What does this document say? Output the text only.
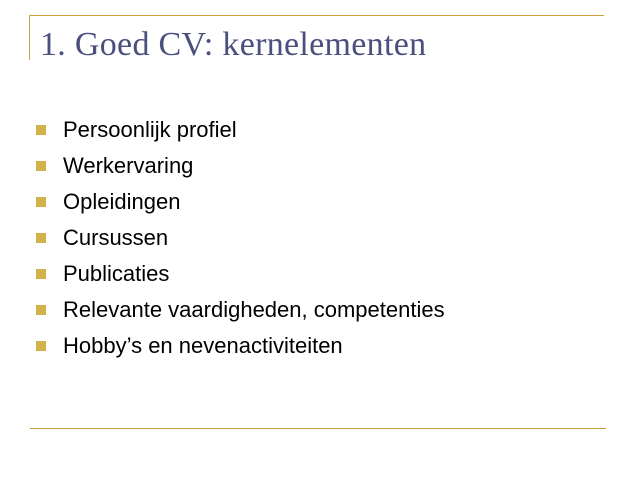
1. Goed CV: kernelementen
Persoonlijk profiel
Werkervaring
Opleidingen
Cursussen
Publicaties
Relevante vaardigheden, competenties
Hobby’s en nevenactiviteiten
